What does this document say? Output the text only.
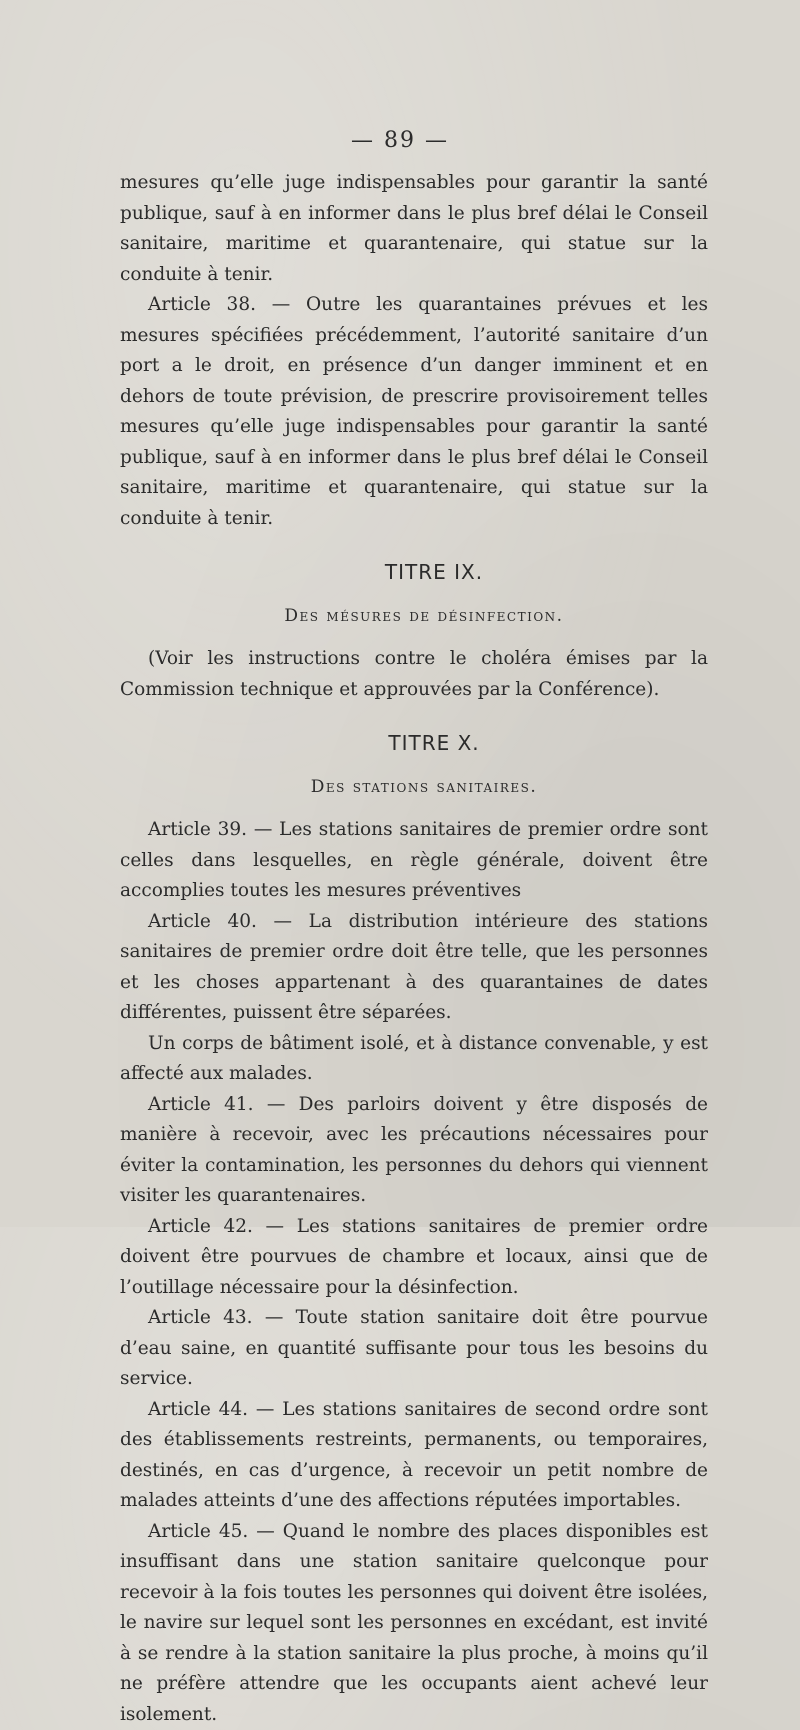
— 89 —

mesures qu’elle juge indispensables pour garantir la santé publique, sauf à en informer dans le plus bref délai le Conseil sanitaire, maritime et quarantenaire, qui statue sur la conduite à tenir.

Article 38. — Outre les quarantaines prévues et les mesures spécifiées précédemment, l’autorité sanitaire d’un port a le droit, en présence d’un danger imminent et en dehors de toute prévision, de prescrire provisoirement telles mesures qu’elle juge indispensables pour garantir la santé publique, sauf à en informer dans le plus bref délai le Conseil sanitaire, maritime et quarantenaire, qui statue sur la conduite à tenir.

TITRE IX.

Des mésures de désinfection.

(Voir les instructions contre le choléra émises par la Commission technique et approuvées par la Conférence).

TITRE X.

Des stations sanitaires.

Article 39. — Les stations sanitaires de premier ordre sont celles dans lesquelles, en règle générale, doivent être accomplies toutes les mesures préventives

Article 40. — La distribution intérieure des stations sanitaires de premier ordre doit être telle, que les personnes et les choses appartenant à des quarantaines de dates différentes, puissent être séparées.

Un corps de bâtiment isolé, et à distance convenable, y est affecté aux malades.

Article 41. — Des parloirs doivent y être disposés de manière à recevoir, avec les précautions nécessaires pour éviter la contamination, les personnes du dehors qui viennent visiter les quarantenaires.

Article 42. — Les stations sanitaires de premier ordre doivent être pourvues de chambre et locaux, ainsi que de l’outillage nécessaire pour la désinfection.

Article 43. — Toute station sanitaire doit être pourvue d’eau saine, en quantité suffisante pour tous les besoins du service.

Article 44. — Les stations sanitaires de second ordre sont des établissements restreints, permanents, ou temporaires, destinés, en cas d’urgence, à recevoir un petit nombre de malades atteints d’une des affections réputées importables.

Article 45. — Quand le nombre des places disponibles est insuffisant dans une station sanitaire quelconque pour recevoir à la fois toutes les personnes qui doivent être isolées, le navire sur lequel sont les personnes en excédant, est invité à se rendre à la station sanitaire la plus proche, à moins qu’il ne préfère attendre que les occupants aient achevé leur isolement.
